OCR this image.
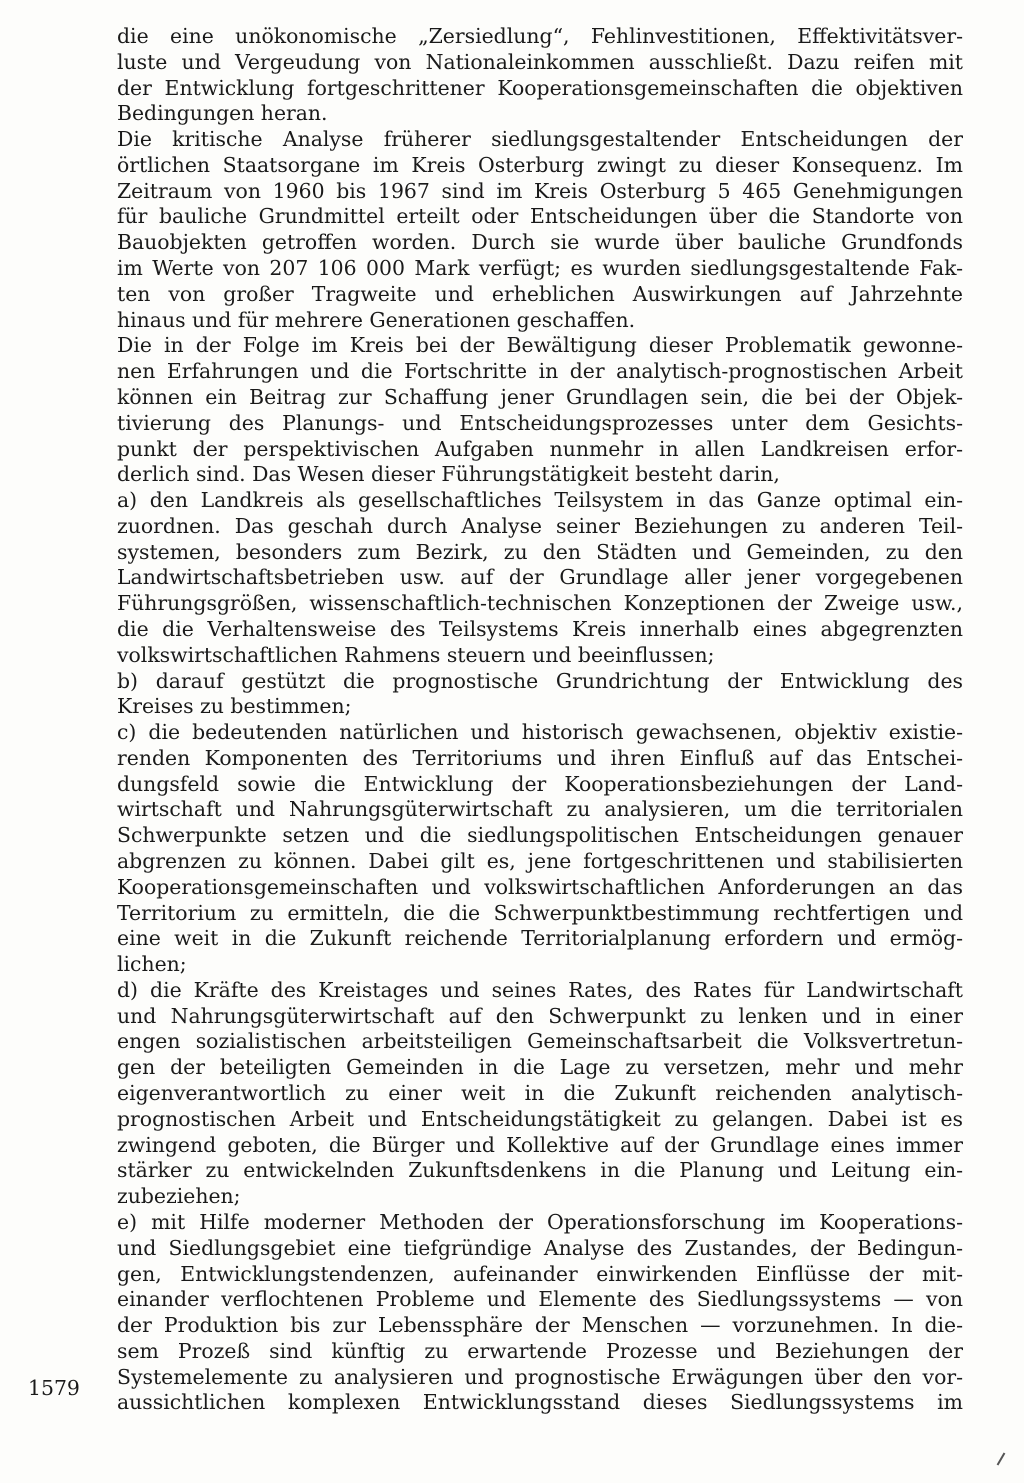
die eine unökonomische „Zersiedlung“, Fehlinvestitionen, Effektivitätsver-
luste und Vergeudung von Nationaleinkommen ausschließt. Dazu reifen mit
der Entwicklung fortgeschrittener Kooperationsgemeinschaften die objektiven
Bedingungen heran.
Die kritische Analyse früherer siedlungsgestaltender Entscheidungen der
örtlichen Staatsorgane im Kreis Osterburg zwingt zu dieser Konsequenz. Im
Zeitraum von 1960 bis 1967 sind im Kreis Osterburg 5 465 Genehmigungen
für bauliche Grundmittel erteilt oder Entscheidungen über die Standorte von
Bauobjekten getroffen worden. Durch sie wurde über bauliche Grundfonds
im Werte von 207 106 000 Mark verfügt; es wurden siedlungsgestaltende Fak-
ten von großer Tragweite und erheblichen Auswirkungen auf Jahrzehnte
hinaus und für mehrere Generationen geschaffen.
Die in der Folge im Kreis bei der Bewältigung dieser Problematik gewonne-
nen Erfahrungen und die Fortschritte in der analytisch-prognostischen Arbeit
können ein Beitrag zur Schaffung jener Grundlagen sein, die bei der Objek-
tivierung des Planungs- und Entscheidungsprozesses unter dem Gesichts-
punkt der perspektivischen Aufgaben nunmehr in allen Landkreisen erfor-
derlich sind. Das Wesen dieser Führungstätigkeit besteht darin,
a) den Landkreis als gesellschaftliches Teilsystem in das Ganze optimal ein-
zuordnen. Das geschah durch Analyse seiner Beziehungen zu anderen Teil-
systemen, besonders zum Bezirk, zu den Städten und Gemeinden, zu den
Landwirtschaftsbetrieben usw. auf der Grundlage aller jener vorgegebenen
Führungsgrößen, wissenschaftlich-technischen Konzeptionen der Zweige usw.,
die die Verhaltensweise des Teilsystems Kreis innerhalb eines abgegrenzten
volkswirtschaftlichen Rahmens steuern und beeinflussen;
b) darauf gestützt die prognostische Grundrichtung der Entwicklung des
Kreises zu bestimmen;
c) die bedeutenden natürlichen und historisch gewachsenen, objektiv existie-
renden Komponenten des Territoriums und ihren Einfluß auf das Entschei-
dungsfeld sowie die Entwicklung der Kooperationsbeziehungen der Land-
wirtschaft und Nahrungsgüterwirtschaft zu analysieren, um die territorialen
Schwerpunkte setzen und die siedlungspolitischen Entscheidungen genauer
abgrenzen zu können. Dabei gilt es, jene fortgeschrittenen und stabilisierten
Kooperationsgemeinschaften und volkswirtschaftlichen Anforderungen an das
Territorium zu ermitteln, die die Schwerpunktbestimmung rechtfertigen und
eine weit in die Zukunft reichende Territorialplanung erfordern und ermög-
lichen;
d) die Kräfte des Kreistages und seines Rates, des Rates für Landwirtschaft
und Nahrungsgüterwirtschaft auf den Schwerpunkt zu lenken und in einer
engen sozialistischen arbeitsteiligen Gemeinschaftsarbeit die Volksvertretun-
gen der beteiligten Gemeinden in die Lage zu versetzen, mehr und mehr
eigenverantwortlich zu einer weit in die Zukunft reichenden analytisch-
prognostischen Arbeit und Entscheidungstätigkeit zu gelangen. Dabei ist es
zwingend geboten, die Bürger und Kollektive auf der Grundlage eines immer
stärker zu entwickelnden Zukunftsdenkens in die Planung und Leitung ein-
zubeziehen;
e) mit Hilfe moderner Methoden der Operationsforschung im Kooperations-
und Siedlungsgebiet eine tiefgründige Analyse des Zustandes, der Bedingun-
gen, Entwicklungstendenzen, aufeinander einwirkenden Einflüsse der mit-
einander verflochtenen Probleme und Elemente des Siedlungssystems — von
der Produktion bis zur Lebenssphäre der Menschen — vorzunehmen. In die-
sem Prozeß sind künftig zu erwartende Prozesse und Beziehungen der
Systemelemente zu analysieren und prognostische Erwägungen über den vor-
aussichtlichen komplexen Entwicklungsstand dieses Siedlungssystems im
1579
